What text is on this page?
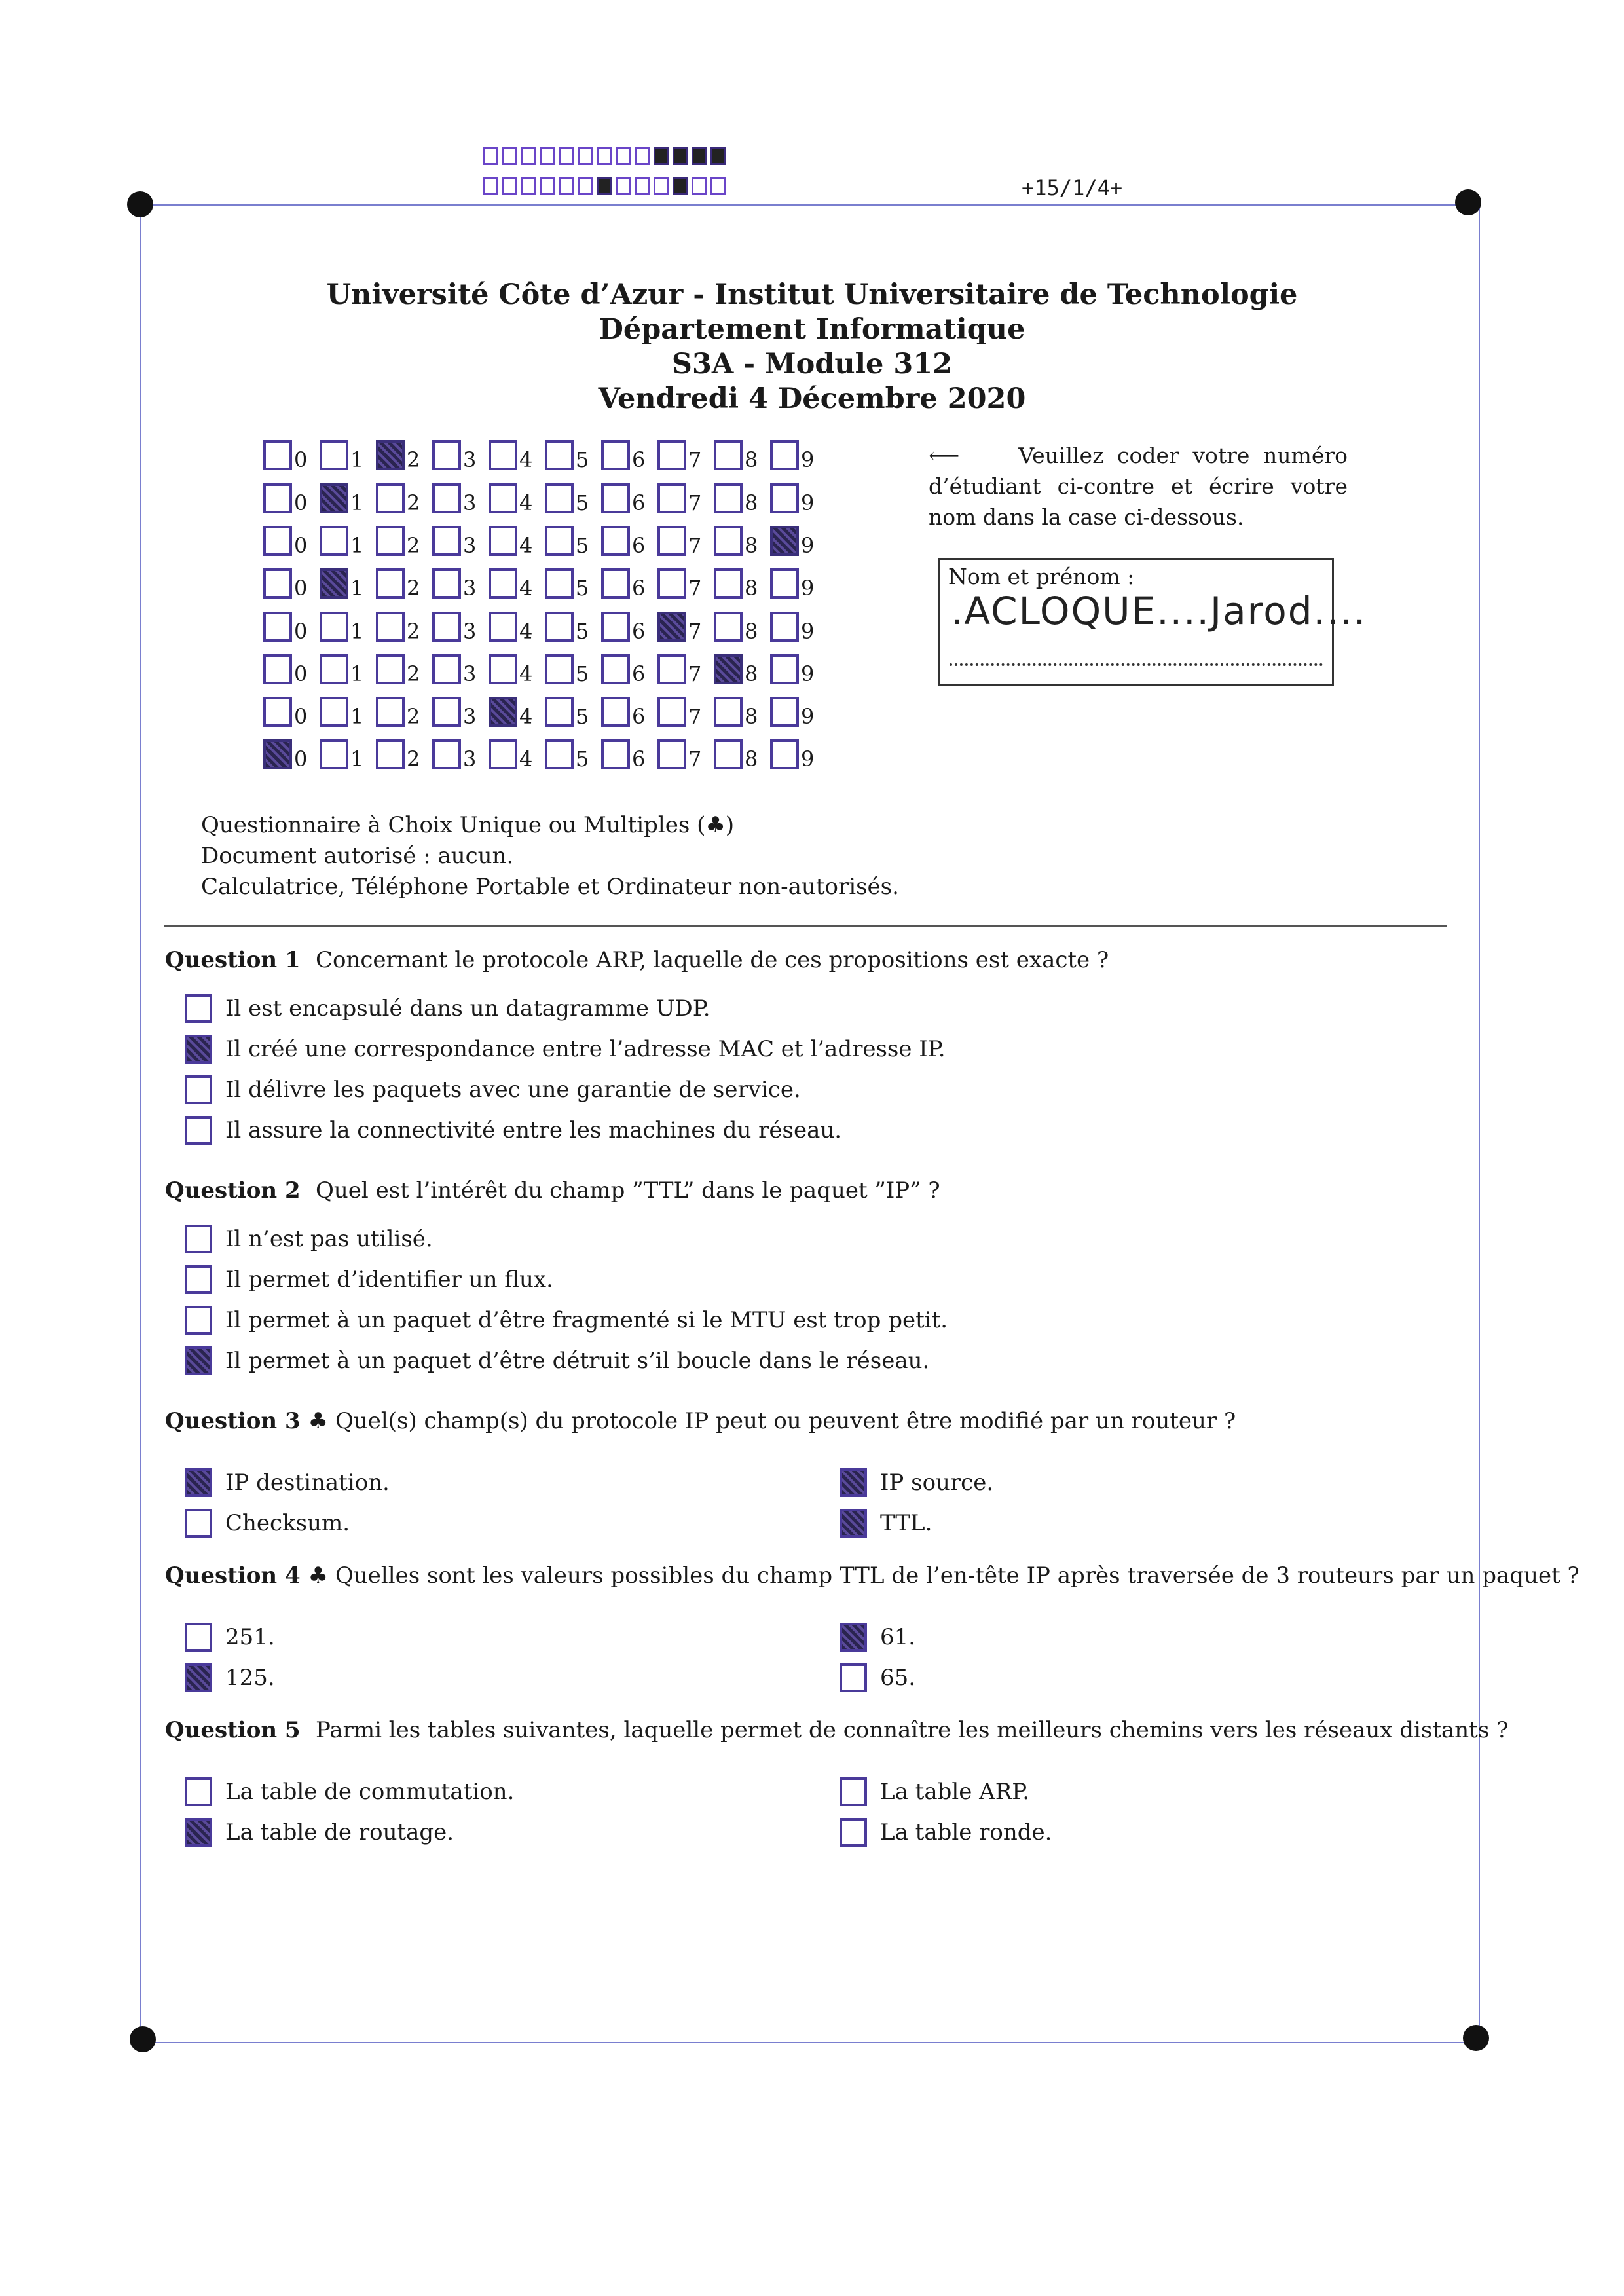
+15/1/4+
Université Côte d’Azur - Institut Universitaire de Technologie
Département Informatique
S3A - Module 312
Vendredi 4 Décembre 2020
0 1 2 3 4 5 6 7 8 9
0 1 2 3 4 5 6 7 8 9
0 1 2 3 4 5 6 7 8 9
0 1 2 3 4 5 6 7 8 9
0 1 2 3 4 5 6 7 8 9
0 1 2 3 4 5 6 7 8 9
0 1 2 3 4 5 6 7 8 9
0 1 2 3 4 5 6 7 8 9
⟵	Veuillez coder votre numéro d’étudiant ci-contre et écrire votre nom dans la case ci-dessous.
Nom et prénom :
.ACLOQUE....Jarod....
Questionnaire à Choix Unique ou Multiples (♣)
Document autorisé : aucun.
Calculatrice, Téléphone Portable et Ordinateur non-autorisés.
Question 1 Concernant le protocole ARP, laquelle de ces propositions est exacte ?
Il est encapsulé dans un datagramme UDP.
Il créé une correspondance entre l’adresse MAC et l’adresse IP.
Il délivre les paquets avec une garantie de service.
Il assure la connectivité entre les machines du réseau.
Question 2 Quel est l’intérêt du champ ”TTL” dans le paquet ”IP” ?
Il n’est pas utilisé.
Il permet d’identifier un flux.
Il permet à un paquet d’être fragmenté si le MTU est trop petit.
Il permet à un paquet d’être détruit s’il boucle dans le réseau.
Question 3 ♣ Quel(s) champ(s) du protocole IP peut ou peuvent être modifié par un routeur ?
IP destination.
Checksum.
IP source.
TTL.
Question 4 ♣ Quelles sont les valeurs possibles du champ TTL de l’en-tête IP après traversée de 3 routeurs par un paquet ?
251.
125.
61.
65.
Question 5 Parmi les tables suivantes, laquelle permet de connaître les meilleurs chemins vers les réseaux distants ?
La table de commutation.
La table de routage.
La table ARP.
La table ronde.
